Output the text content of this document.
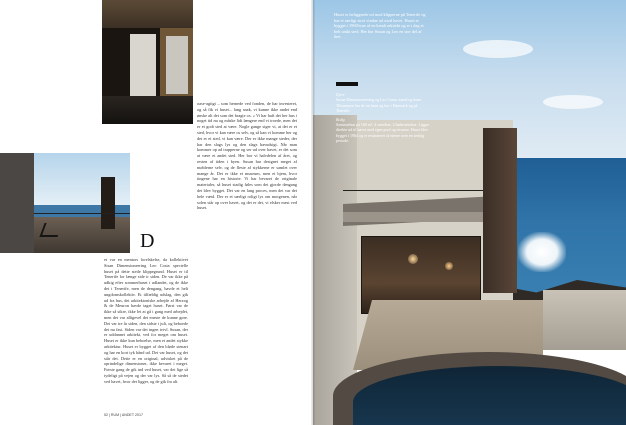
D
et var en mentors forelskelse, da kollektivet Sisan Dimensioneering Leo Costa specielle huset på dette steile klippegrund. Huset er til Tenerife for længe side ir siden. De var ikke på udkig efter sommerhuset i udlandet, og de ikke det i Tenerife, men de dengang, havde et helt ungdomskollektiv. Et tilfældig udslag, den gik ud fra hus, det arkitektoniske arbejde af Herzog & de Meuron havde taget huset. Først var de ikke så sikre, ikke let at gå i gang med arbejdet, men det var alligevel det eneste de kunne gøre. Det var tre år siden, den sidste i juli, og beboede det nu fast. Siden var det ingen tvivl. Susan, der er uddannet arkitekt, ved for meget om huset. Huset er ikke kun beboelse, men et andet stykke arkitektur. Huset er bygget af den bløde stenart og har en kort tyk hånd ud. Det var huset, og det står det. Dette er en original, udvisket på de oprindelige dimensioner, ikke bevaret i meget. Første gang de gik ind ved huset, var det lige så tydeligt på vejen og der var lys. Så så de stedet ved havet, hvor det ligger, og de gik fra alt.
oase-agtigt – som hernede ved fonden, de har investeret, og så fik vi huset... lang snak, vi kunne ikke andet end ønske alt det som det bragte os. « Vi har haft det her hus i noget tid nu og måske lidt længere end vi troede, men det er et godt sted at være. Nogle gange siger vi, at det er et sted, hvor vi kan være os selv, og så kan vi komme her og det er et sted, vi kan være. Der er ikke mange steder, der har den slags lys og den slags havudsigt. Når man kommer op ad trapperne og ser ud over havet, er det som at være et andet sted. Her bor vi halvdelen af året, og resten af tiden i byen. Susan har designet meget af møblerne selv, og de fleste af stykkerne er samlet over mange år. Det er ikke et museum, men et hjem, hvor tingene har en historie. Vi har bevaret de originale materialer, så huset stadig føles som det gjorde dengang det blev bygget. Det var en lang proces, men det var det hele værd. Der er et særligt roligt lys om morgenen, når solen står op over havet, og det er det, vi elsker mest ved huset.
52 | RUM | ANDET 2017
Huset er beliggende ud mod klipperne på Tenerife og har et særligt stort vindue ud mod havet. Huset er bygget i 1960'erne af en kendt arkitekt og er i dag et helt unikt sted. Her bor Susan og Leo en stor del af året.
Ejere
Susan Dimensioneering og Leo Costa, mand og kone. Tilsammen har de tre børn og bor i Danmark og på Tenerife.
Bolig
Sommerhus på 160 m², 4 værelser, 2 badeværelser. Ligger direkte ud til havet med egen pool og terrasse. Huset blev bygget i 1964 og er restaureret af ejerne over en treårig periode.
